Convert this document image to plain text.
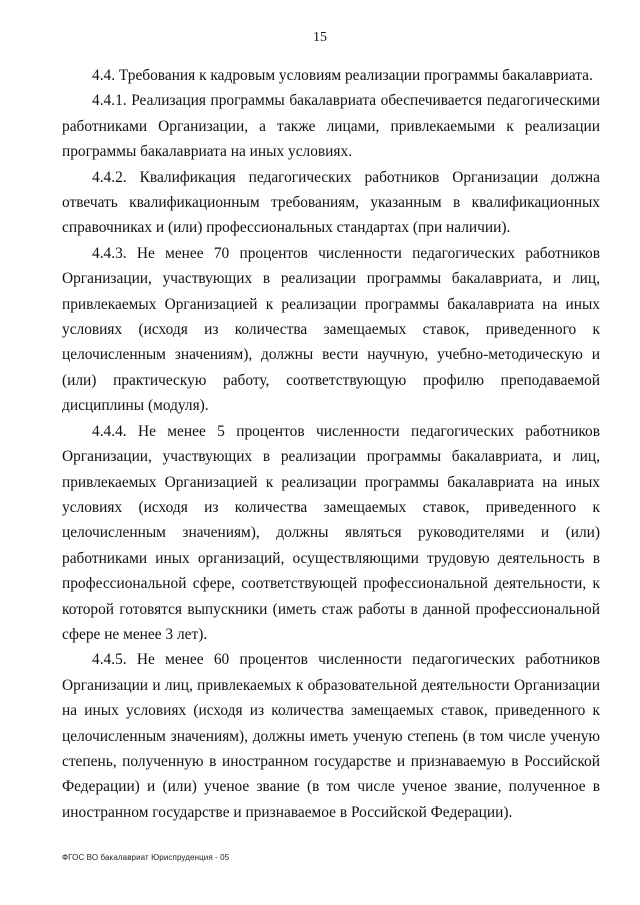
15

4.4. Требования к кадровым условиям реализации программы бакалавриата.

4.4.1. Реализация программы бакалавриата обеспечивается педагогическими работниками Организации, а также лицами, привлекаемыми к реализации программы бакалавриата на иных условиях.

4.4.2. Квалификация педагогических работников Организации должна отвечать квалификационным требованиям, указанным в квалификационных справочниках и (или) профессиональных стандартах (при наличии).

4.4.3. Не менее 70 процентов численности педагогических работников Организации, участвующих в реализации программы бакалавриата, и лиц, привлекаемых Организацией к реализации программы бакалавриата на иных условиях (исходя из количества замещаемых ставок, приведенного к целочисленным значениям), должны вести научную, учебно-методическую и (или) практическую работу, соответствующую профилю преподаваемой дисциплины (модуля).

4.4.4. Не менее 5 процентов численности педагогических работников Организации, участвующих в реализации программы бакалавриата, и лиц, привлекаемых Организацией к реализации программы бакалавриата на иных условиях (исходя из количества замещаемых ставок, приведенного к целочисленным значениям), должны являться руководителями и (или) работниками иных организаций, осуществляющими трудовую деятельность в профессиональной сфере, соответствующей профессиональной деятельности, к которой готовятся выпускники (иметь стаж работы в данной профессиональной сфере не менее 3 лет).

4.4.5. Не менее 60 процентов численности педагогических работников Организации и лиц, привлекаемых к образовательной деятельности Организации на иных условиях (исходя из количества замещаемых ставок, приведенного к целочисленным значениям), должны иметь ученую степень (в том числе ученую степень, полученную в иностранном государстве и признаваемую в Российской Федерации) и (или) ученое звание (в том числе ученое звание, полученное в иностранном государстве и признаваемое в Российской Федерации).

ФГОС ВО бакалавриат Юриспруденция - 05
